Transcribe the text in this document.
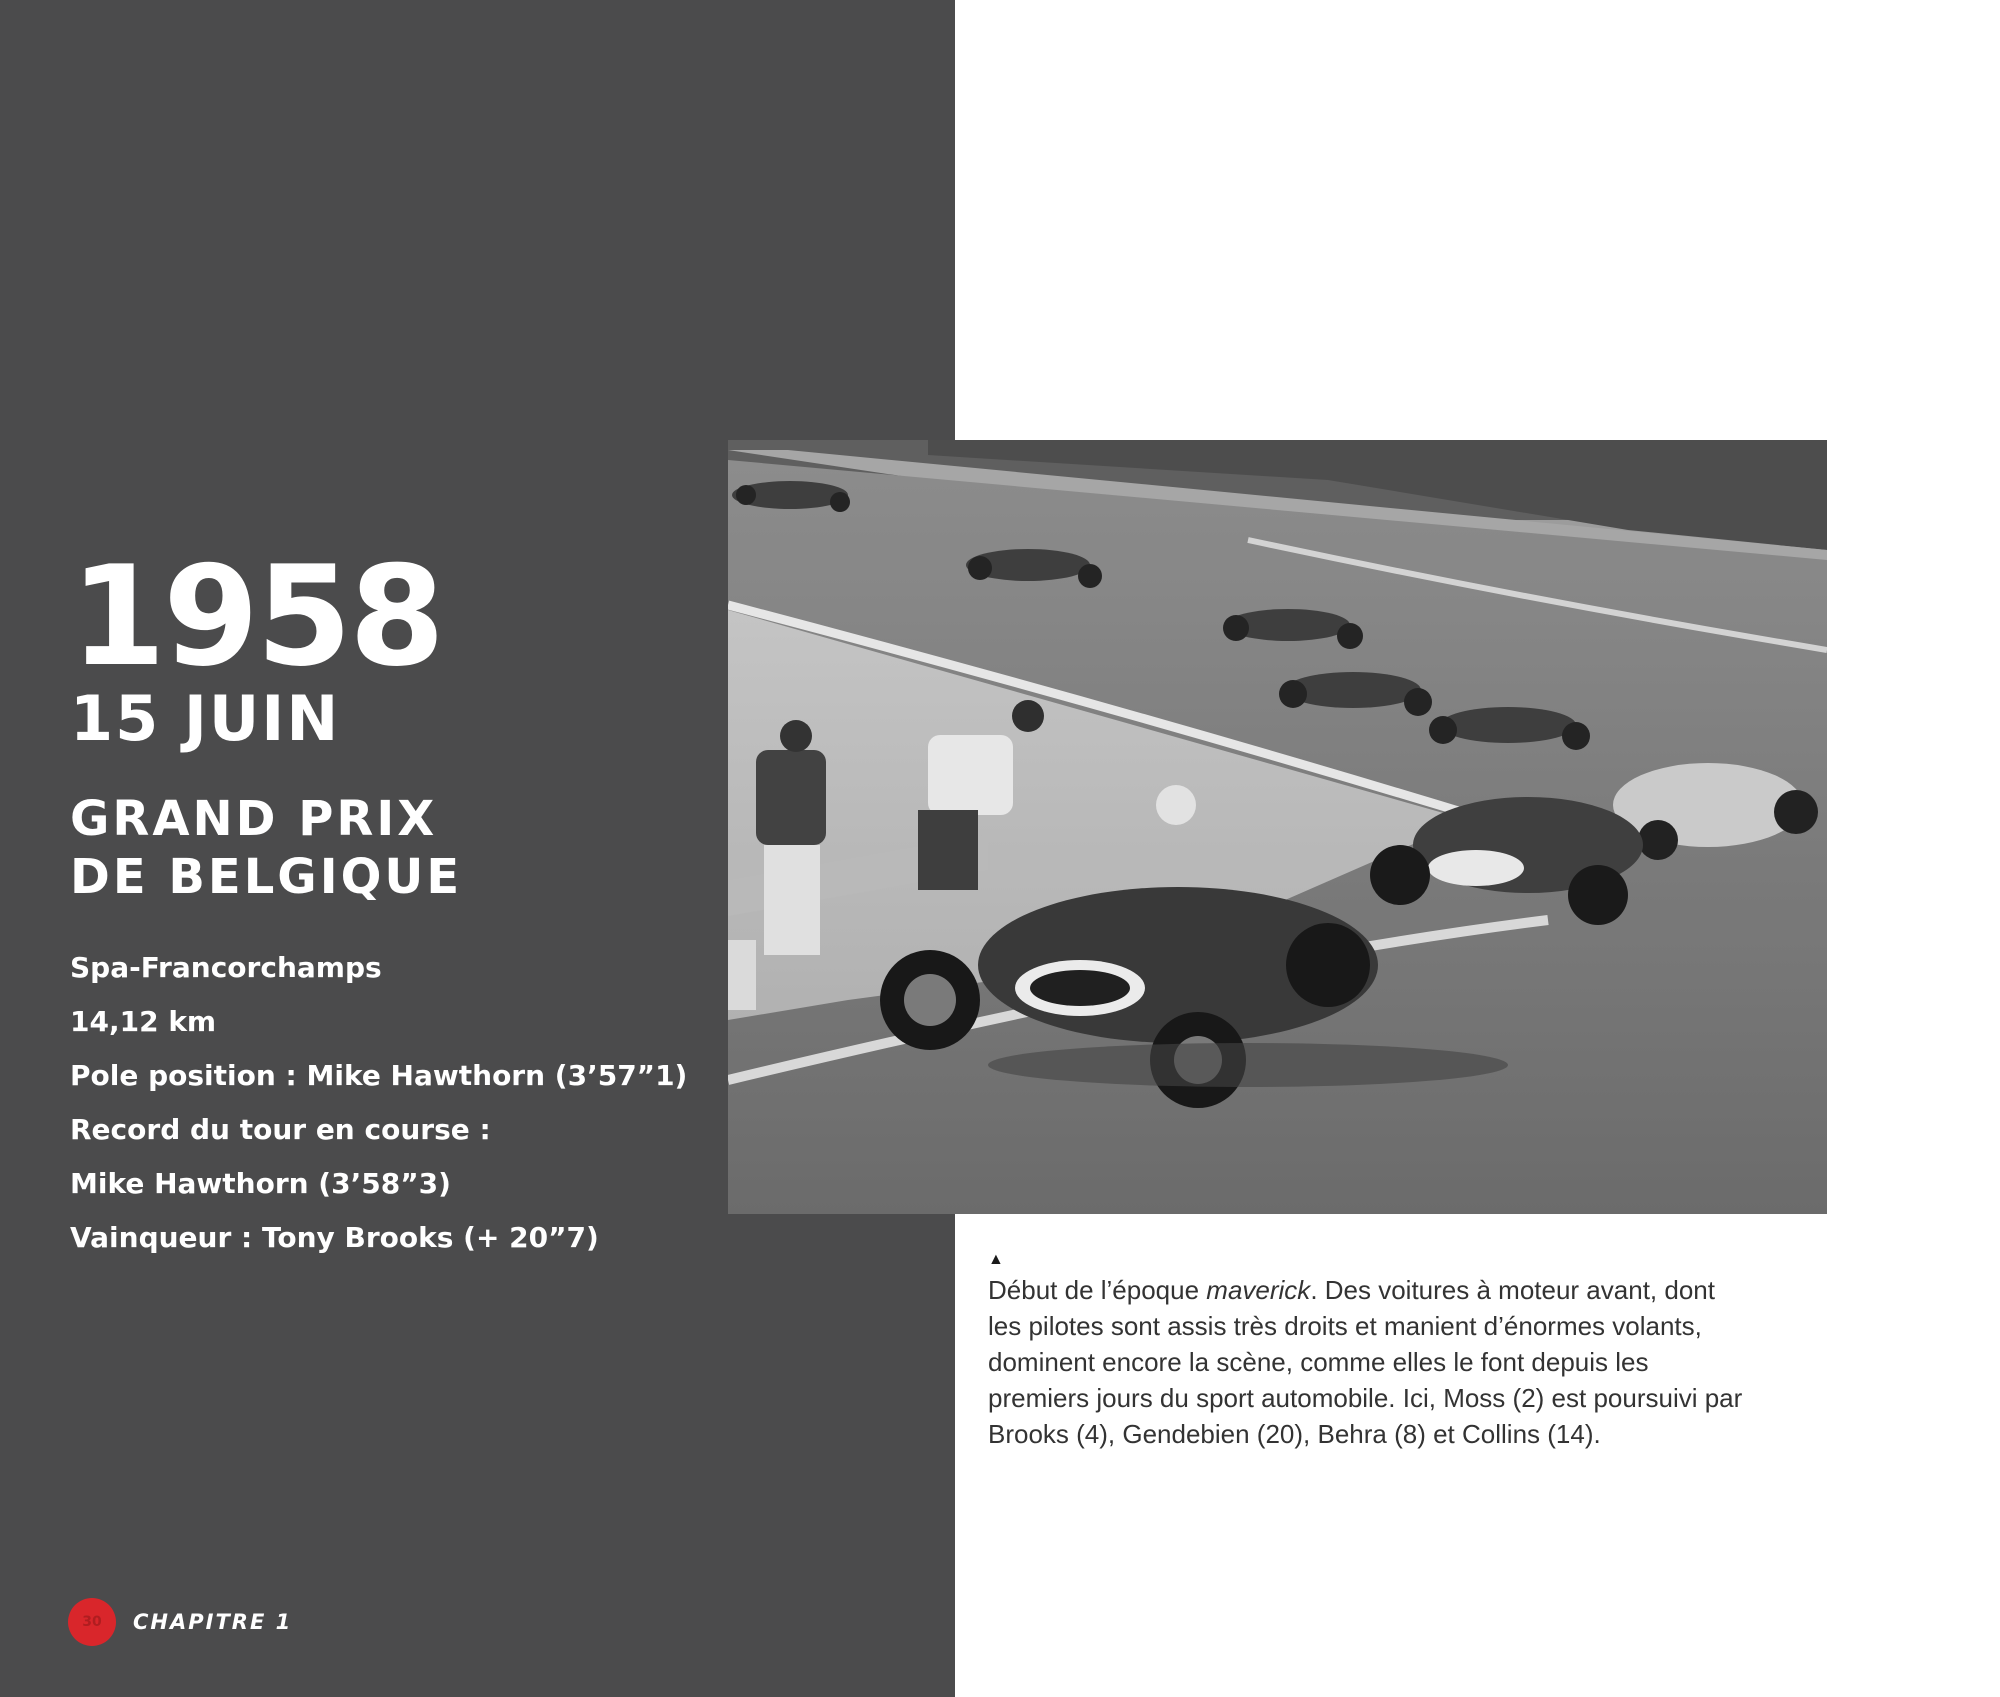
1958
15 JUIN
GRAND PRIX
DE BELGIQUE
Spa-Francorchamps
14,12 km
Pole position : Mike Hawthorn (3’57”1)
Record du tour en course :
Mike Hawthorn (3’58”3)
Vainqueur : Tony Brooks (+ 20”7)
30	CHAPITRE 1
▲

Début de l’époque maverick. Des voitures à moteur avant, dont les pilotes sont assis très droits et manient d’énormes volants, dominent encore la scène, comme elles le font depuis les premiers jours du sport automobile. Ici, Moss (2) est poursuivi par Brooks (4), Gendebien (20), Behra (8) et Collins (14).
